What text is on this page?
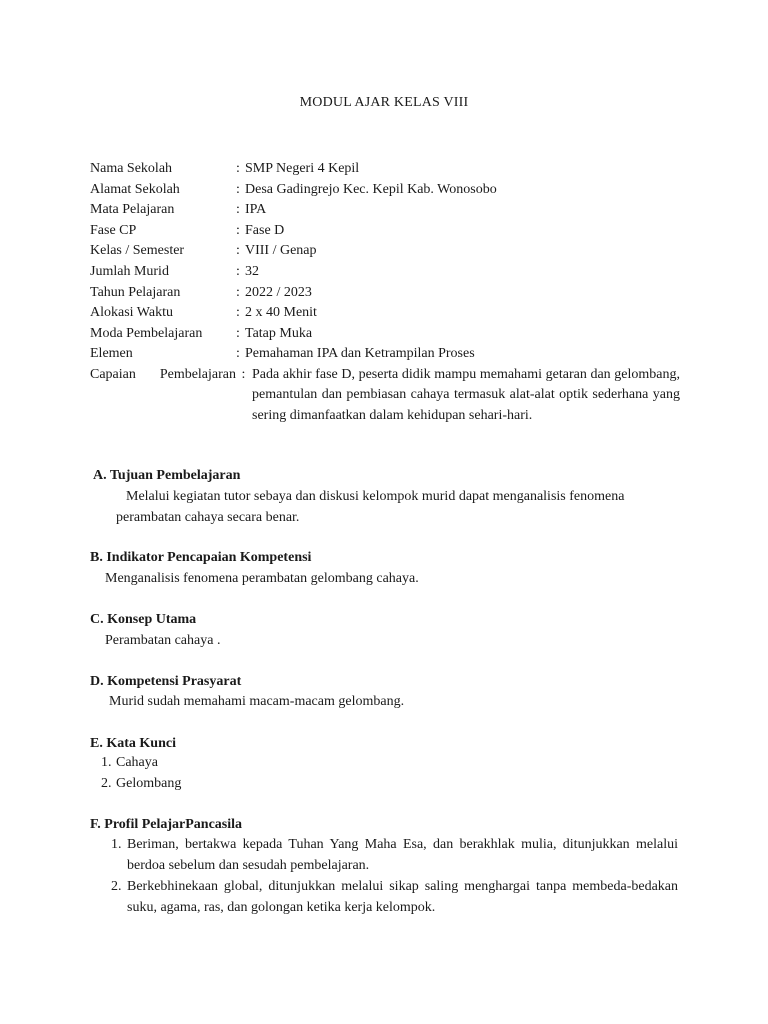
MODUL AJAR KELAS VIII
Nama Sekolah	: SMP Negeri 4 Kepil
Alamat Sekolah	: Desa Gadingrejo Kec. Kepil Kab. Wonosobo
Mata Pelajaran	: IPA
Fase CP	: Fase D
Kelas / Semester	: VIII / Genap
Jumlah Murid	: 32
Tahun Pelajaran	: 2022 / 2023
Alokasi Waktu	: 2 x 40 Menit
Moda Pembelajaran	: Tatap Muka
Elemen	: Pemahaman IPA dan Ketrampilan Proses
Capaian Pembelajaran : Pada akhir fase D, peserta didik mampu memahami getaran dan gelombang, pemantulan dan pembiasan cahaya termasuk alat-alat optik sederhana yang sering dimanfaatkan dalam kehidupan sehari-hari.
A. Tujuan Pembelajaran
Melalui kegiatan tutor sebaya dan diskusi kelompok murid dapat menganalisis fenomena
perambatan cahaya secara benar.
B. Indikator Pencapaian Kompetensi
Menganalisis fenomena perambatan gelombang cahaya.
C. Konsep Utama
Perambatan cahaya .
D. Kompetensi Prasyarat
Murid sudah memahami macam-macam gelombang.
E. Kata Kunci
1. Cahaya
2. Gelombang
F. Profil PelajarPancasila
1. Beriman, bertakwa kepada Tuhan Yang Maha Esa, dan berakhlak mulia, ditunjukkan melalui berdoa sebelum dan sesudah pembelajaran.
2. Berkebhinekaan global, ditunjukkan melalui sikap saling menghargai tanpa membeda-bedakan suku, agama, ras, dan golongan ketika kerja kelompok.
